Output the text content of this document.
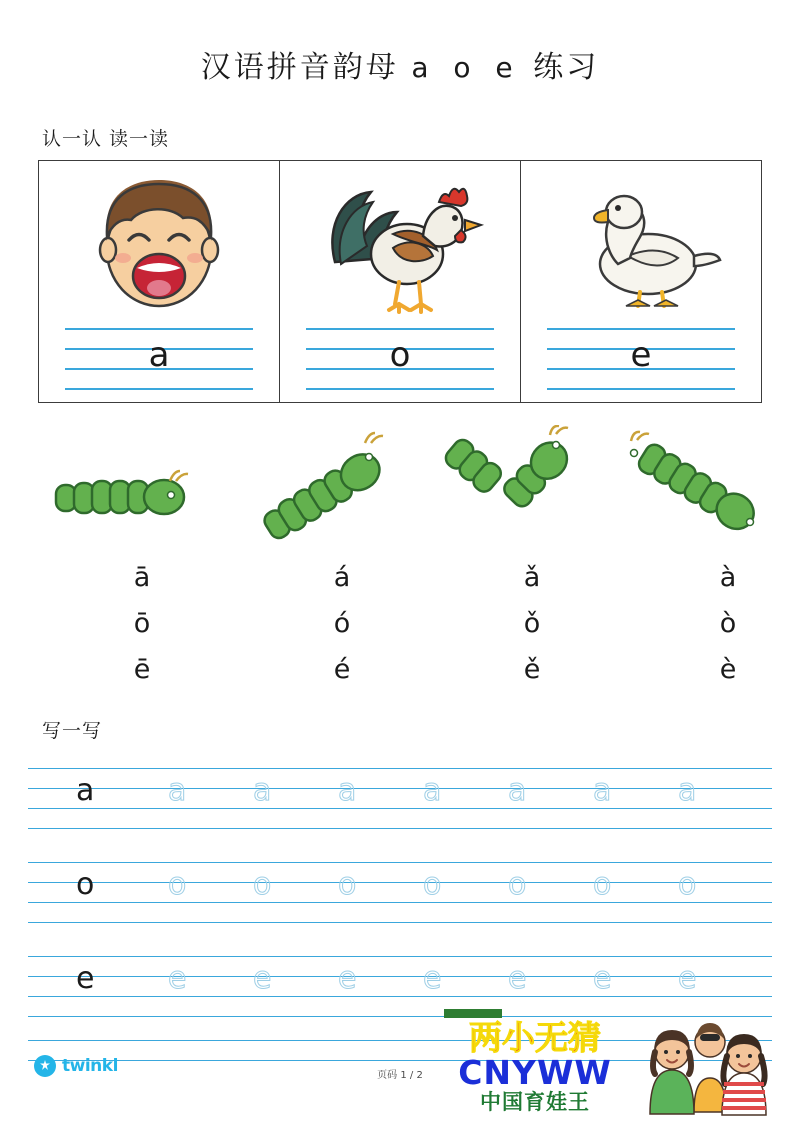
汉语拼音韵母 a o e 练习
认一认 读一读
a	o	e
ā	á	ǎ	à
ō	ó	ǒ	ò
ē	é	ě	è
写一写
a a a a a a a a
o o o o o o o o
e e e e e e e e
twinkl	页码 1 / 2
两小无猜
CNYWW
中国育娃王
